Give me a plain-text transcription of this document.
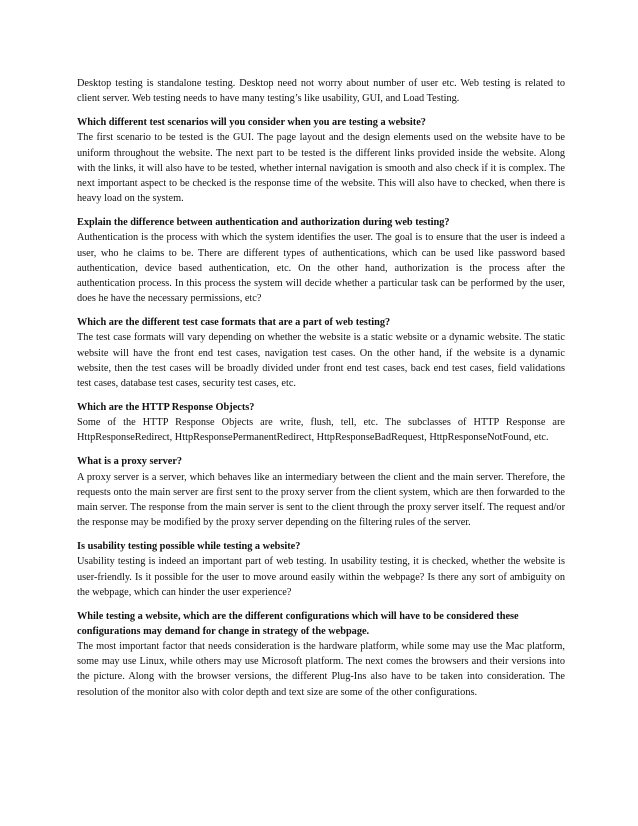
Desktop testing is standalone testing. Desktop need not worry about number of user etc. Web testing is related to client server. Web testing needs to have many testing’s like usability, GUI, and Load Testing.

Which different test scenarios will you consider when you are testing a website?

The first scenario to be tested is the GUI. The page layout and the design elements used on the website have to be uniform throughout the website. The next part to be tested is the different links provided inside the website. Along with the links, it will also have to be tested, whether internal navigation is smooth and also check if it is complex. The next important aspect to be checked is the response time of the website. This will also have to checked, when there is heavy load on the system.

Explain the difference between authentication and authorization during web testing?

Authentication is the process with which the system identifies the user. The goal is to ensure that the user is indeed a user, who he claims to be. There are different types of authentications, which can be used like password based authentication, device based authentication, etc. On the other hand, authorization is the process after the authentication process. In this process the system will decide whether a particular task can be performed by the user, does he have the necessary permissions, etc?

Which are the different test case formats that are a part of web testing?

The test case formats will vary depending on whether the website is a static website or a dynamic website. The static website will have the front end test cases, navigation test cases. On the other hand, if the website is a dynamic website, then the test cases will be broadly divided under front end test cases, back end test cases, field validations test cases, database test cases, security test cases, etc.

Which are the HTTP Response Objects?

Some of the HTTP Response Objects are write, flush, tell, etc. The subclasses of HTTP Response are HttpResponseRedirect, HttpResponsePermanentRedirect, HttpResponseBadRequest, HttpResponseNotFound, etc.

What is a proxy server?

A proxy server is a server, which behaves like an intermediary between the client and the main server. Therefore, the requests onto the main server are first sent to the proxy server from the client system, which are then forwarded to the main server. The response from the main server is sent to the client through the proxy server itself. The request and/or the response may be modified by the proxy server depending on the filtering rules of the server.

Is usability testing possible while testing a website?

Usability testing is indeed an important part of web testing. In usability testing, it is checked, whether the website is user-friendly. Is it possible for the user to move around easily within the webpage? Is there any sort of ambiguity on the webpage, which can hinder the user experience?

While testing a website, which are the different configurations which will have to be considered these configurations may demand for change in strategy of the webpage.

The most important factor that needs consideration is the hardware platform, while some may use the Mac platform, some may use Linux, while others may use Microsoft platform. The next comes the browsers and their versions into the picture. Along with the browser versions, the different Plug-Ins also have to be taken into consideration. The resolution of the monitor also with color depth and text size are some of the other configurations.
